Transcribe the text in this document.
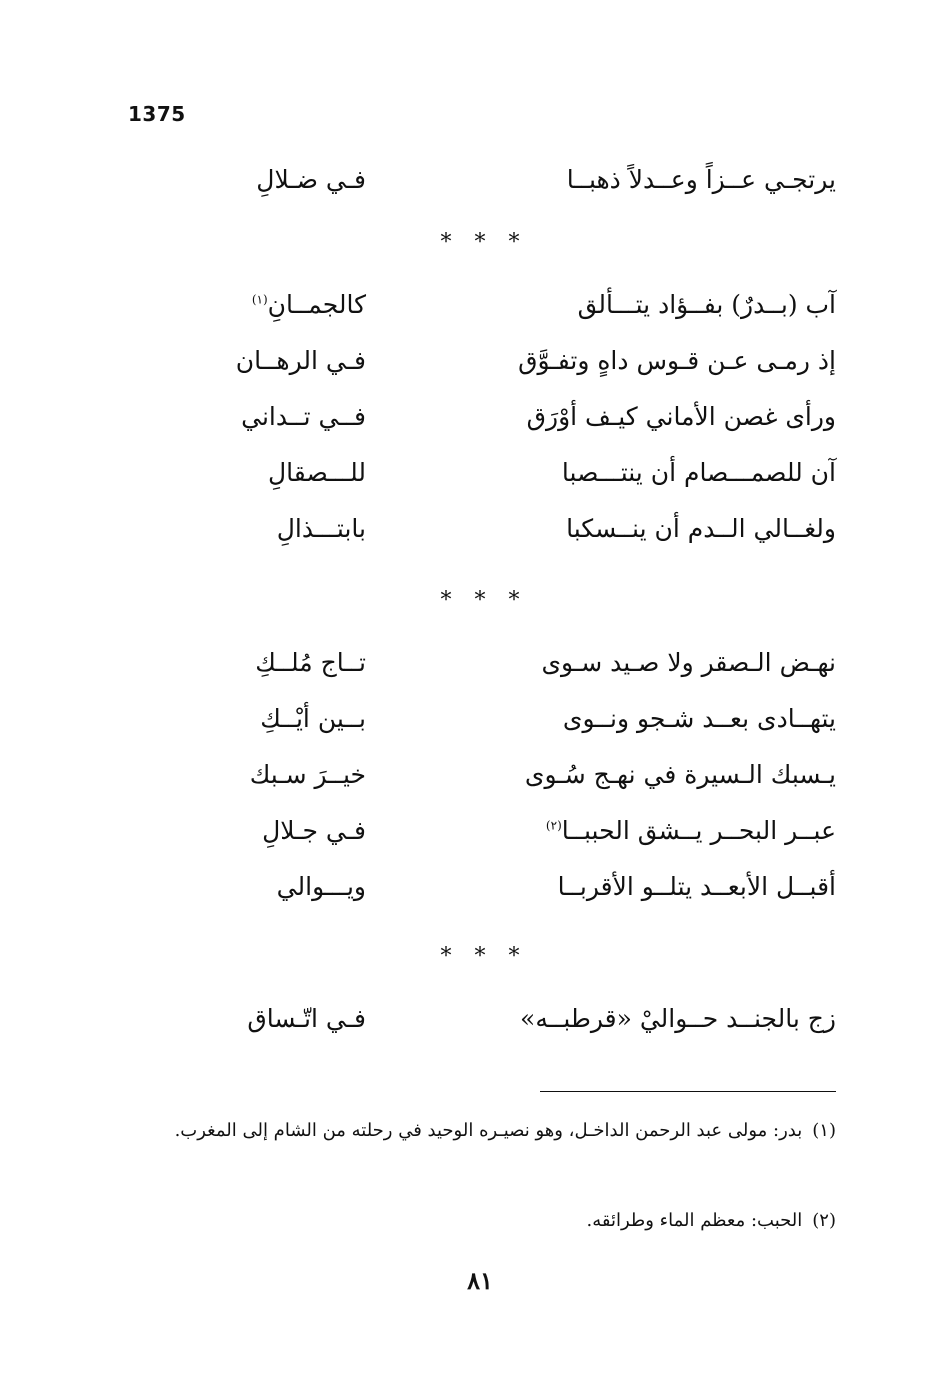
1375
يرتجـي عــزاً وعــدلاً ذهبــا
فـي ضـلالِ
* * *
آب (بــدرٌ) بفــؤاد يتـــألق
كالجمــانِ$^{(١)}$
إذ رمـى عـن قـوس داهٍ وتفـوَّق
فـي الرهــان
ورأى غصن الأماني كيـف أوْرَق
فــي تــداني
آن للصمـــصام أن ينتـــصبا
للـــصقالِ
ولغــالي الــدم أن ينــسكبا
بابتـــذالِ
* * *
نهـض الـصقر ولا صـيد سـوى
تــاج مُلــكِ
يتهــادى بعــد شـجو ونــوى
بــين أيْــكِ
يـسبك الـسيرة في نهـج سُـوى
خيــرَ سـبك
عبــر البحــر يــشق الحببــا$^{(٢)}$
فـي جـلالِ
أقبــل الأبعــد يتلــو الأقربــا
ويـــوالي
* * *
زج بالجنــد حــواليْ «قرطبــه»
فـي اتّـساق
(١)بدر: مولى عبد الرحمن الداخـل، وهو نصيـره الوحيد في رحلته من الشام إلى المغرب.
(٢)الحبب: معظم الماء وطرائقه.
٨١
